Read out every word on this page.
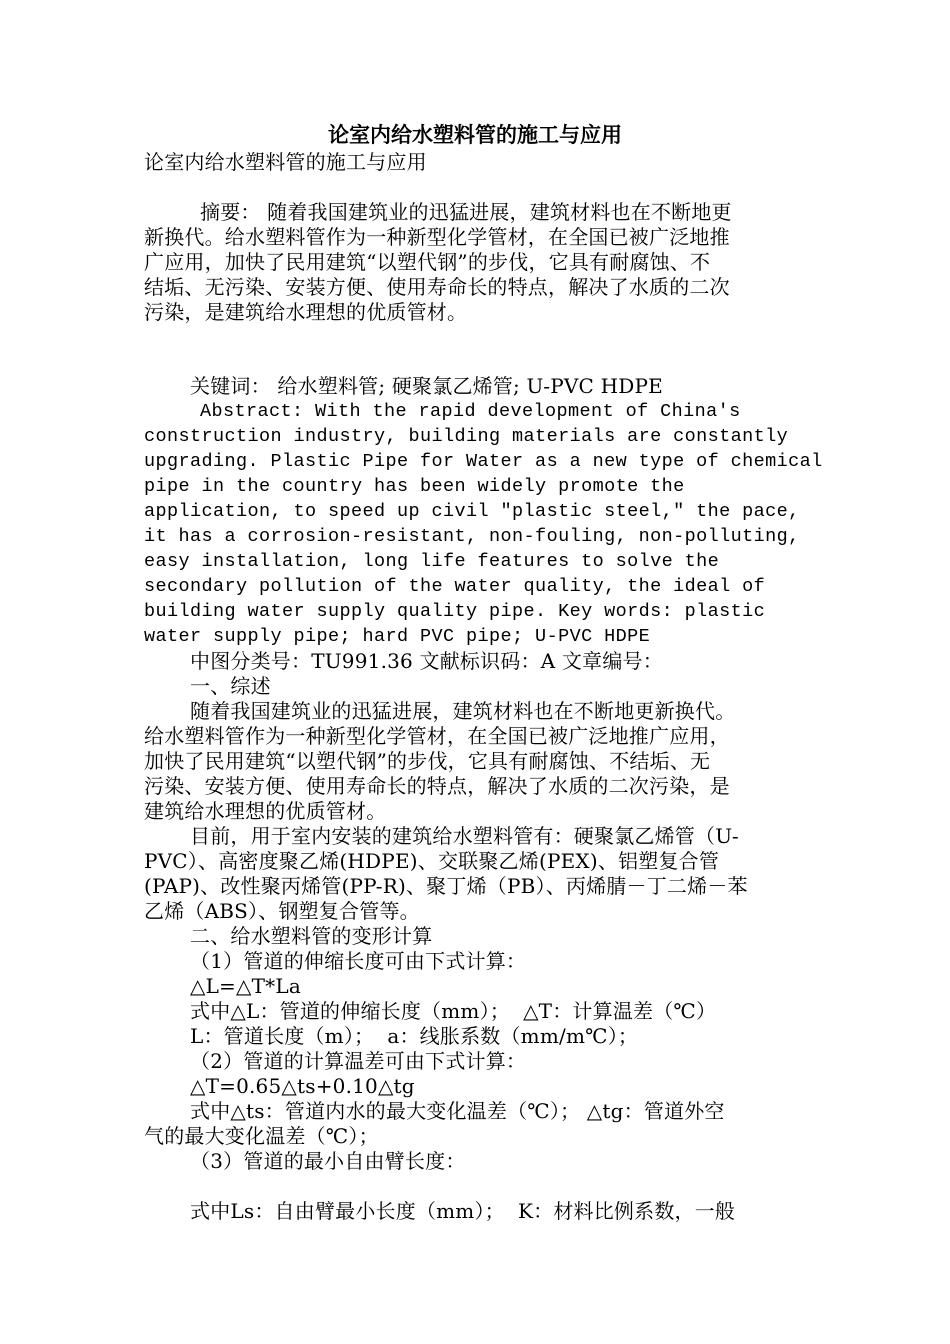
论室内给水塑料管的施工与应用
论室内给水塑料管的施工与应用
摘要： 随着我国建筑业的迅猛进展，建筑材料也在不断地更
新换代。给水塑料管作为一种新型化学管材，在全国已被广泛地推
广应用，加快了民用建筑“以塑代钢”的步伐，它具有耐腐蚀、不
结垢、无污染、安装方便、使用寿命长的特点，解决了水质的二次
污染，是建筑给水理想的优质管材。
关键词： 给水塑料管; 硬聚氯乙烯管; U-PVC HDPE
Abstract: With the rapid development of China's
construction industry, building materials are constantly
upgrading. Plastic Pipe for Water as a new type of chemical
pipe in the country has been widely promote the
application, to speed up civil "plastic steel," the pace,
it has a corrosion-resistant, non-fouling, non-polluting,
easy installation, long life features to solve the
secondary pollution of the water quality, the ideal of
building water supply quality pipe. Key words: plastic
water supply pipe; hard PVC pipe; U-PVC HDPE
中图分类号：TU991.36 文献标识码：A 文章编号：
一、综述
随着我国建筑业的迅猛进展，建筑材料也在不断地更新换代。
给水塑料管作为一种新型化学管材，在全国已被广泛地推广应用，
加快了民用建筑“以塑代钢”的步伐，它具有耐腐蚀、不结垢、无
污染、安装方便、使用寿命长的特点，解决了水质的二次污染，是
建筑给水理想的优质管材。
目前，用于室内安装的建筑给水塑料管有：硬聚氯乙烯管（U-
PVC）、高密度聚乙烯(HDPE)、交联聚乙烯(PEX)、铝塑复合管
(PAP)、改性聚丙烯管(PP-R)、聚丁烯（PB）、丙烯腈－丁二烯－苯
乙烯（ABS）、钢塑复合管等。
二、给水塑料管的变形计算
（1）管道的伸缩长度可由下式计算：
△L=△T*La
式中△L：管道的伸缩长度（mm）；  △T：计算温差（℃）
L：管道长度（m）；  a：线胀系数（mm/m℃）；
（2）管道的计算温差可由下式计算：
△T=0.65△ts+0.10△tg
式中△ts：管道内水的最大变化温差（℃）； △tg：管道外空
气的最大变化温差（℃）；
（3）管道的最小自由臂长度：
式中Ls：自由臂最小长度（mm）；  K：材料比例系数，一般
